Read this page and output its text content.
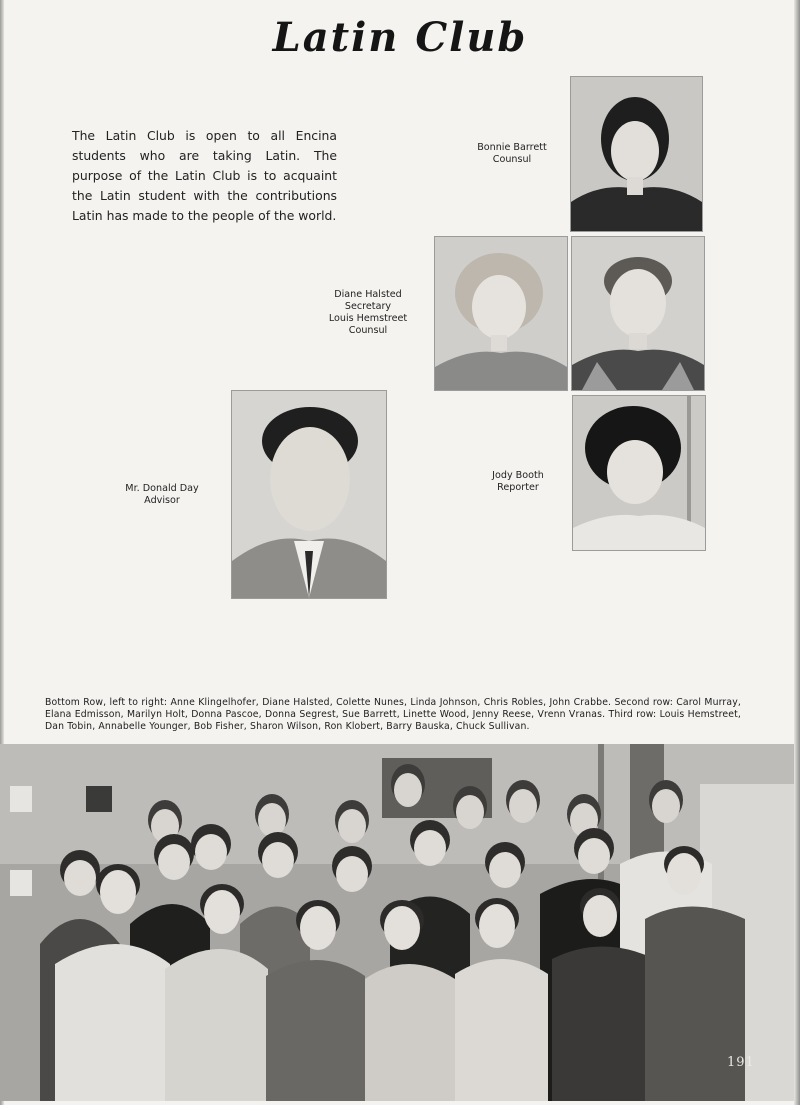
Latin Club
The Latin Club is open to all Encina students who are taking Latin. The purpose of the Latin Club is to acquaint the Latin student with the contributions Latin has made to the people of the world.
Bonnie Barrett
Counsul
Diane Halsted
Secretary
Louis Hemstreet
Counsul
Mr. Donald Day
Advisor
Jody Booth
Reporter
Bottom Row, left to right: Anne Klingelhofer, Diane Halsted, Colette Nunes, Linda Johnson, Chris Robles, John Crabbe. Second row: Carol Murray, Elana Edmisson, Marilyn Holt, Donna Pascoe, Donna Segrest, Sue Barrett, Linette Wood, Jenny Reese, Vrenn Vranas. Third row: Louis Hemstreet, Dan Tobin, Annabelle Younger, Bob Fisher, Sharon Wilson, Ron Klobert, Barry Bauska, Chuck Sullivan.
191
